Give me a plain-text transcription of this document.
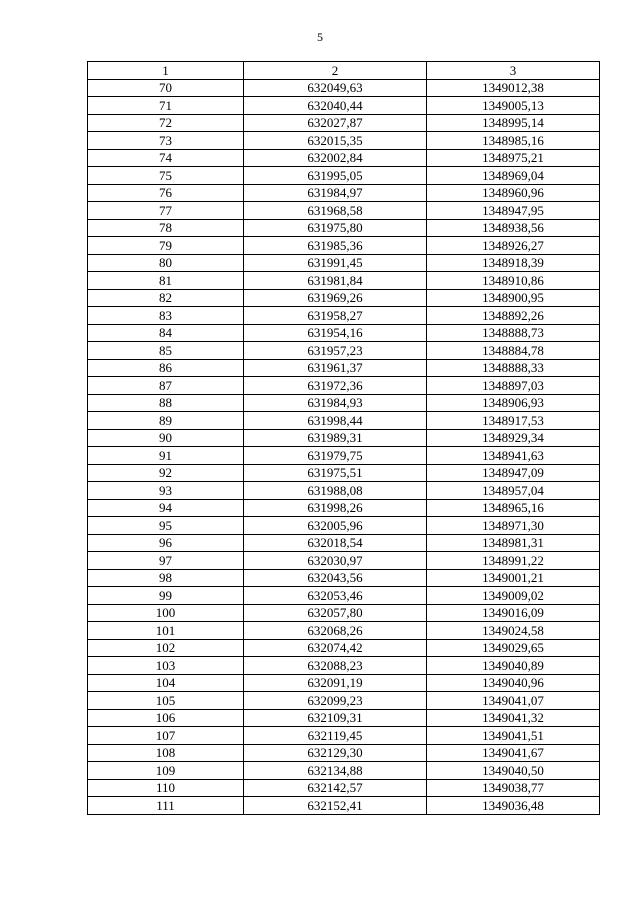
5
1	2	3
70	632049,63	1349012,38
71	632040,44	1349005,13
72	632027,87	1348995,14
73	632015,35	1348985,16
74	632002,84	1348975,21
75	631995,05	1348969,04
76	631984,97	1348960,96
77	631968,58	1348947,95
78	631975,80	1348938,56
79	631985,36	1348926,27
80	631991,45	1348918,39
81	631981,84	1348910,86
82	631969,26	1348900,95
83	631958,27	1348892,26
84	631954,16	1348888,73
85	631957,23	1348884,78
86	631961,37	1348888,33
87	631972,36	1348897,03
88	631984,93	1348906,93
89	631998,44	1348917,53
90	631989,31	1348929,34
91	631979,75	1348941,63
92	631975,51	1348947,09
93	631988,08	1348957,04
94	631998,26	1348965,16
95	632005,96	1348971,30
96	632018,54	1348981,31
97	632030,97	1348991,22
98	632043,56	1349001,21
99	632053,46	1349009,02
100	632057,80	1349016,09
101	632068,26	1349024,58
102	632074,42	1349029,65
103	632088,23	1349040,89
104	632091,19	1349040,96
105	632099,23	1349041,07
106	632109,31	1349041,32
107	632119,45	1349041,51
108	632129,30	1349041,67
109	632134,88	1349040,50
110	632142,57	1349038,77
111	632152,41	1349036,48
